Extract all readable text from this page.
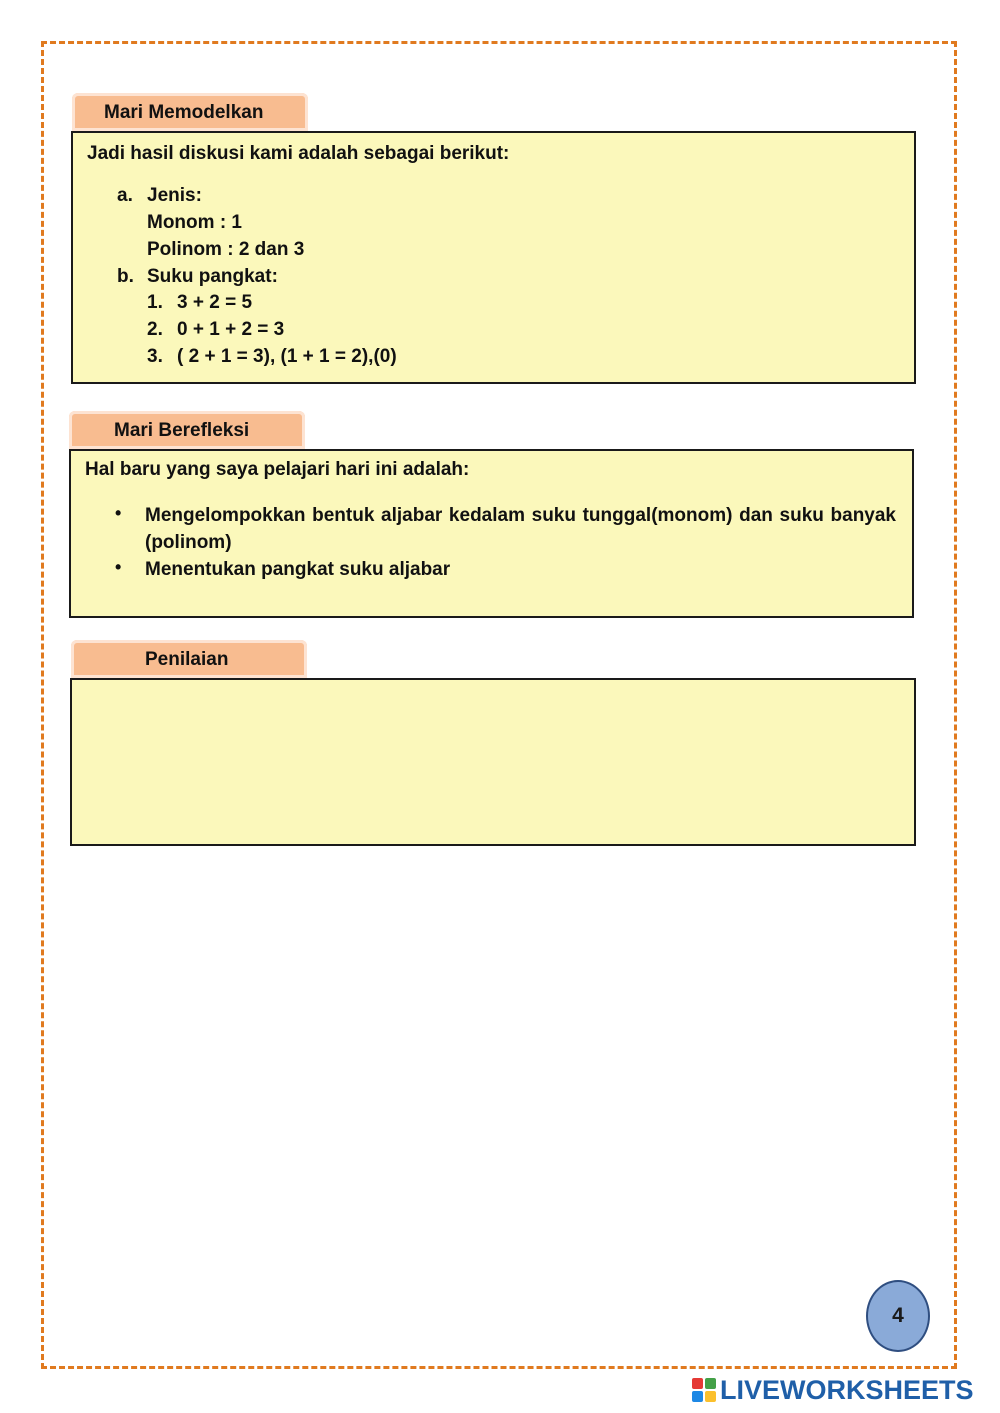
Mari Memodelkan
Jadi hasil diskusi kami adalah sebagai berikut:
a. Jenis:
Monom : 1
Polinom : 2 dan 3
b. Suku pangkat:
1. 3 + 2 = 5
2. 0 + 1 + 2 = 3
3. ( 2 + 1 = 3), (1 + 1 = 2),(0)
Mari Berefleksi
Hal baru yang saya pelajari hari ini adalah:
• Mengelompokkan bentuk aljabar kedalam suku tunggal(monom) dan suku banyak (polinom)
• Menentukan pangkat suku aljabar
Penilaian
4
LIVEWORKSHEETS
